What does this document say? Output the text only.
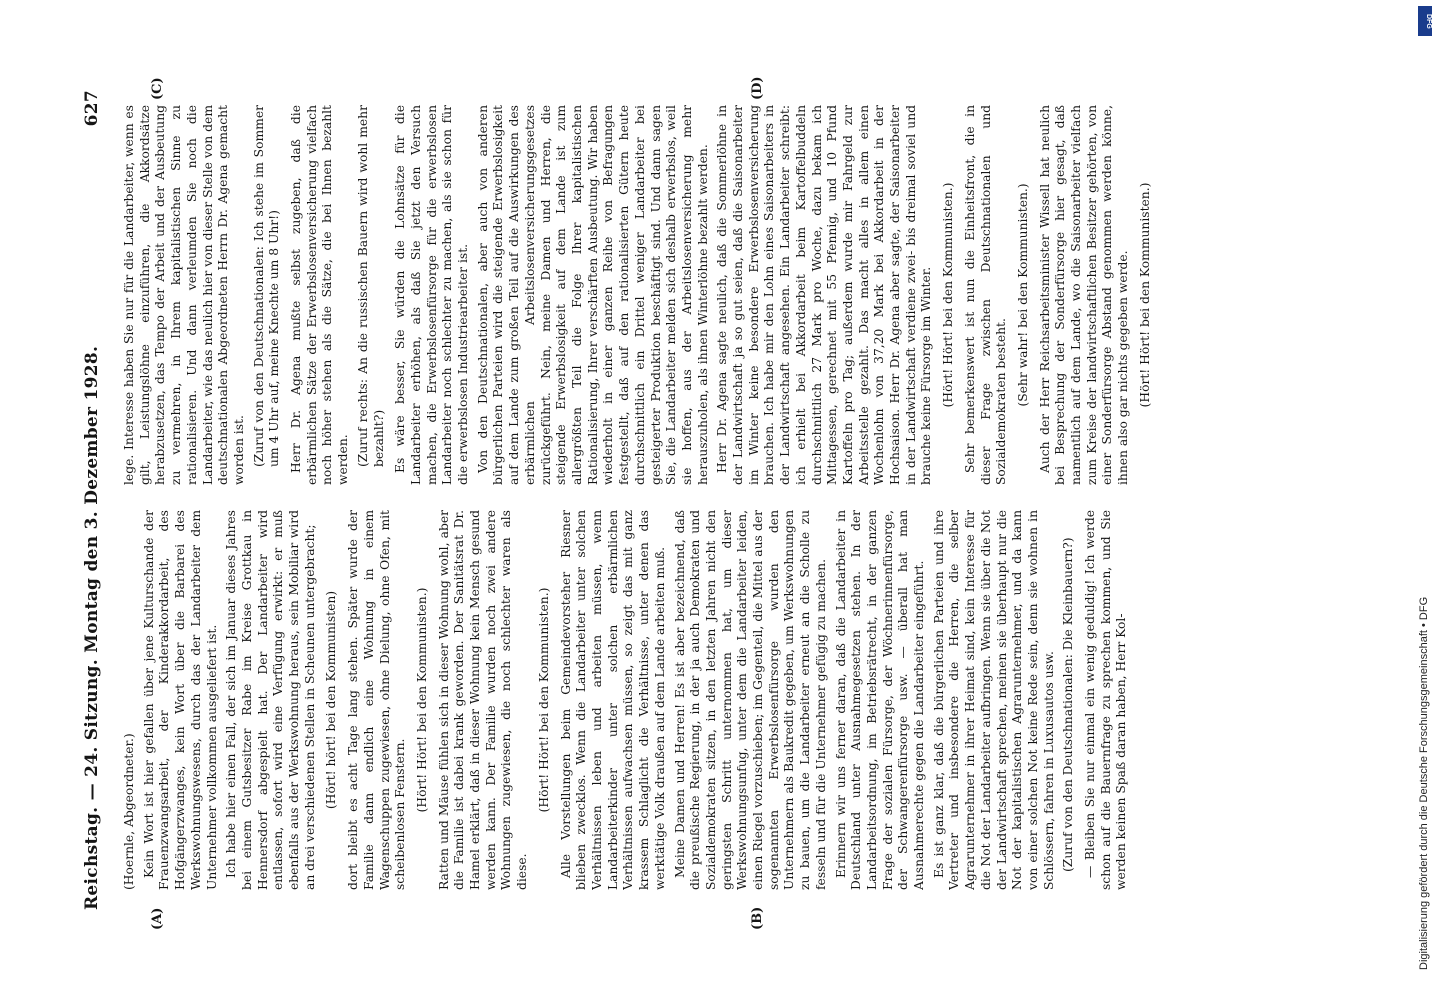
Reichstag. — 24. Sitzung. Montag den 3. Dezember 1928.
627
(A)	(B)
(C)	(D)

(Hoernle, Abgeordneter.) Kein Wort ist hier gefallen über jene Kulturschande der Frauenzwangsarbeit, der Kinderakkordarbeit, des Hofgängerzwanges, kein Wort über die Barbarei des Werkswohnungswesens, durch das der Landarbeiter dem Unternehmer vollkommen ausgeliefert ist. Ich habe hier einen Fall, der sich im Januar dieses Jahres bei einem Gutsbesitzer Rabe im Kreise Grottkau in Hennersdorf abgespielt hat. Der Landarbeiter wird entlassen, sofort wird eine Verfügung erwirkt: er muß ebenfalls aus der Werkswohnung heraus, sein Mobiliar wird an drei verschiedenen Stellen in Scheunen untergebracht; (Hört! hört! bei den Kommunisten) dort bleibt es acht Tage lang stehen. Später wurde der Familie dann endlich eine Wohnung in einem Wagenschuppen zugewiesen, ohne Dielung, ohne Ofen, mit scheibenlosen Fenstern.

(Hört! Hört! bei den Kommunisten.) Ratten und Mäuse fühlen sich in dieser Wohnung wohl, aber die Familie ist dabei krank geworden. Der Sanitätsrat Dr. Hamel erklärt, daß in dieser Wohnung kein Mensch gesund werden kann. Der Familie wurden noch zwei andere Wohnungen zugewiesen, die noch schlechter waren als diese.

(Hört! Hört! bei den Kommunisten.) Alle Vorstellungen beim Gemeindevorsteher Riesner blieben zwecklos. Wenn die Landarbeiter unter solchen Verhältnissen leben und arbeiten müssen, wenn Landarbeiterkinder unter solchen erbärmlichen Verhältnissen aufwachsen müssen, so zeigt das mit ganz krassem Schlaglicht die Verhältnisse, unter denen das werktätige Volk draußen auf dem Lande arbeiten muß. Meine Damen und Herren! Es ist aber bezeichnend, daß die preußische Regierung, in der ja auch Demokraten und Sozialdemokraten sitzen, in den letzten Jahren nicht den geringsten Schritt unternommen hat, um dieser Werkswohnungsunfug, unter dem die Landarbeiter leiden, einen Riegel vorzuschieben; im Gegenteil, die Mittel aus der sogenannten Erwerbslosenfürsorge wurden den Unternehmern als Baukredit gegeben, um Werkswohnungen zu bauen, um die Landarbeiter erneut an die Scholle zu fesseln und für die Unternehmer gefügig zu machen. Erinnern wir uns ferner daran, daß die Landarbeiter in Deutschland unter Ausnahmegesetzen stehen. In der Landarbeitsordnung, im Betriebsrätrecht, in der ganzen Frage der sozialen Fürsorge, der Wöchnerinnenfürsorge, der Schwangerenfürsorge usw. — überall hat man Ausnahmerechte gegen die Landarbeiter eingeführt. Es ist ganz klar, daß die bürgerlichen Parteien und ihre Vertreter und insbesondere die Herren, die selber Agrarunternehmer in ihrer Heimat sind, kein Interesse für die Not der Landarbeiter aufbringen. Wenn sie über die Not der Landwirtschaft sprechen, meinen sie überhaupt nur die Not der kapitalistischen Agrarunternehmer, und da kann von einer solchen Not keine Rede sein, denn sie wohnen in Schlössern, fahren in Luxusautos usw. (Zuruf von den Deutschnationalen: Die Kleinbauern?) — Bleiben Sie nur einmal ein wenig geduldig! Ich werde schon auf die Bauernfrage zu sprechen kommen, und Sie werden keinen Spaß daran haben, Herr Kol-

lege. Interesse haben Sie nur für die Landarbeiter, wenn es gilt, Leistungslöhne einzuführen, die Akkordsätze herabzusetzen, das Tempo der Arbeit und der Ausbeutung zu vermehren, in Ihrem kapitalistischen Sinne zu rationalisieren. Und dann verleumden Sie noch die Landarbeiter, wie das neulich hier von dieser Stelle von dem deutschnationalen Abgeordneten Herrn Dr. Agena gemacht worden ist. (Zuruf von den Deutschnationalen: Ich stehe im Sommer um 4 Uhr auf, meine Knechte um 8 Uhr!) Herr Dr. Agena mußte selbst zugeben, daß die erbärmlichen Sätze der Erwerbslosenversicherung vielfach noch höher stehen als die Sätze, die bei Ihnen bezahlt werden. (Zuruf rechts: An die russischen Bauern wird wohl mehr bezahlt?) Es wäre besser, Sie würden die Lohnsätze für die Landarbeiter erhöhen, als daß Sie jetzt den Versuch machen, die Erwerbslosenfürsorge für die erwerbslosen Landarbeiter noch schlechter zu machen, als sie schon für die erwerbslosen Industriearbeiter ist. Von den Deutschnationalen, aber auch von anderen bürgerlichen Parteien wird die steigende Erwerbslosigkeit auf dem Lande zum großen Teil auf die Auswirkungen des erbärmlichen Arbeitslosenversicherungsgesetzes zurückgeführt. Nein, meine Damen und Herren, die steigende Erwerbslosigkeit auf dem Lande ist zum allergrößten Teil die Folge Ihrer kapitalistischen Rationalisierung, Ihrer verschärften Ausbeutung. Wir haben wiederholt in einer ganzen Reihe von Befragungen festgestellt, daß auf den rationalisierten Gütern heute durchschnittlich ein Drittel weniger Landarbeiter bei gesteigerter Produktion beschäftigt sind. Und dann sagen Sie, die Landarbeiter melden sich deshalb erwerbslos, weil sie hoffen, aus der Arbeitslosenversicherung mehr herauszuholen, als ihnen Winterlöhne bezahlt werden. Herr Dr. Agena sagte neulich, daß die Sommerlöhne in der Landwirtschaft ja so gut seien, daß die Saisonarbeiter im Winter keine besondere Erwerbslosenversicherung brauchen. Ich habe mir den Lohn eines Saisonarbeiters in der Landwirtschaft angesehen. Ein Landarbeiter schreibt: ich erhielt bei Akkordarbeit beim Kartoffelbuddeln durchschnittlich 27 Mark pro Woche, dazu bekam ich Mittagessen, gerechnet mit 55 Pfennig, und 10 Pfund Kartoffeln pro Tag; außerdem wurde mir Fahrgeld zur Arbeitsstelle gezahlt. Das macht alles in allem einen Wochenlohn von 37,20 Mark bei Akkordarbeit in der Hochsaison. Herr Dr. Agena aber sagte, der Saisonarbeiter in der Landwirtschaft verdiene zwei- bis dreimal soviel und brauche keine Fürsorge im Winter. (Hört! Hört! bei den Kommunisten.) Sehr bemerkenswert ist nun die Einheitsfront, die in dieser Frage zwischen Deutschnationalen und Sozialdemokraten besteht. (Sehr wahr! bei den Kommunisten.) Auch der Herr Reichsarbeitsminister Wissell hat neulich bei Besprechung der Sonderfürsorge hier gesagt, daß namentlich auf dem Lande, wo die Saisonarbeiter vielfach zum Kreise der landwirtschaftlichen Besitzer gehörten, von einer Sonderfürsorge Abstand genommen werden könne, ihnen also gar nichts gegeben werde. (Hört! Hört! bei den Kommunisten.)

Digitalisierung gefördert durch die Deutsche Forschungsgemeinschaft • DFG
DFG
